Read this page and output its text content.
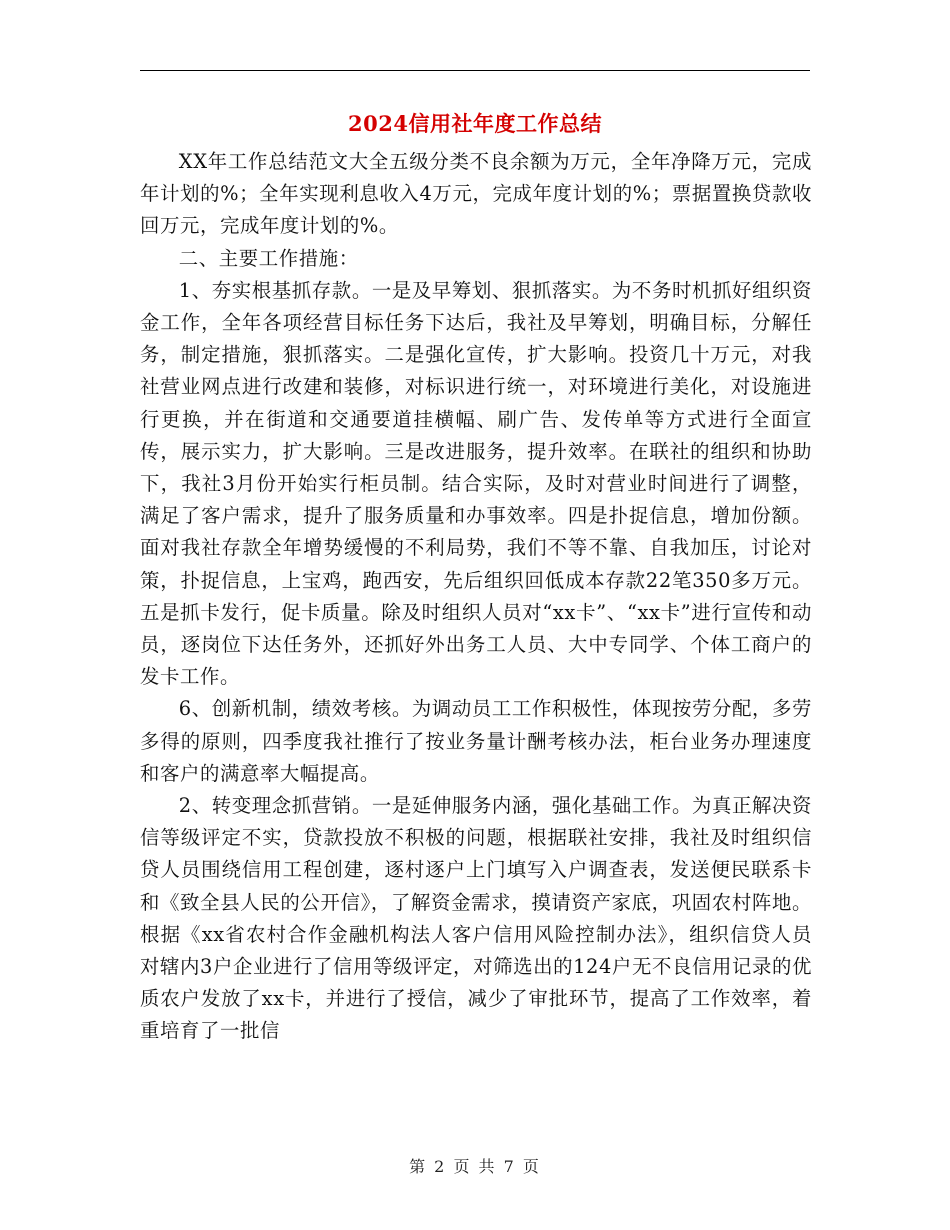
2024信用社年度工作总结

XX年工作总结范文大全五级分类不良余额为万元，全年净降万元，完成年计划的%；全年实现利息收入4万元，完成年度计划的%；票据置换贷款收回万元，完成年度计划的%。

二、主要工作措施：

1、夯实根基抓存款。一是及早筹划、狠抓落实。为不务时机抓好组织资金工作，全年各项经营目标任务下达后，我社及早筹划，明确目标，分解任务，制定措施，狠抓落实。二是强化宣传，扩大影响。投资几十万元，对我社营业网点进行改建和装修，对标识进行统一，对环境进行美化，对设施进行更换，并在街道和交通要道挂横幅、刷广告、发传单等方式进行全面宣传，展示实力，扩大影响。三是改进服务，提升效率。在联社的组织和协助下，我社3月份开始实行柜员制。结合实际，及时对营业时间进行了调整，满足了客户需求，提升了服务质量和办事效率。四是扑捉信息，增加份额。面对我社存款全年增势缓慢的不利局势，我们不等不靠、自我加压，讨论对策，扑捉信息，上宝鸡，跑西安，先后组织回低成本存款22笔350多万元。五是抓卡发行，促卡质量。除及时组织人员对“xx卡”、“xx卡”进行宣传和动员，逐岗位下达任务外，还抓好外出务工人员、大中专同学、个体工商户的发卡工作。

6、创新机制，绩效考核。为调动员工工作积极性，体现按劳分配，多劳多得的原则，四季度我社推行了按业务量计酬考核办法，柜台业务办理速度和客户的满意率大幅提高。

2、转变理念抓营销。一是延伸服务内涵，强化基础工作。为真正解决资信等级评定不实，贷款投放不积极的问题，根据联社安排，我社及时组织信贷人员围绕信用工程创建，逐村逐户上门填写入户调查表，发送便民联系卡和《致全县人民的公开信》，了解资金需求，摸请资产家底，巩固农村阵地。根据《xx省农村合作金融机构法人客户信用风险控制办法》，组织信贷人员对辖内3户企业进行了信用等级评定，对筛选出的124户无不良信用记录的优质农户发放了xx卡，并进行了授信，减少了审批环节，提高了工作效率，着重培育了一批信

第 2 页 共 7 页
